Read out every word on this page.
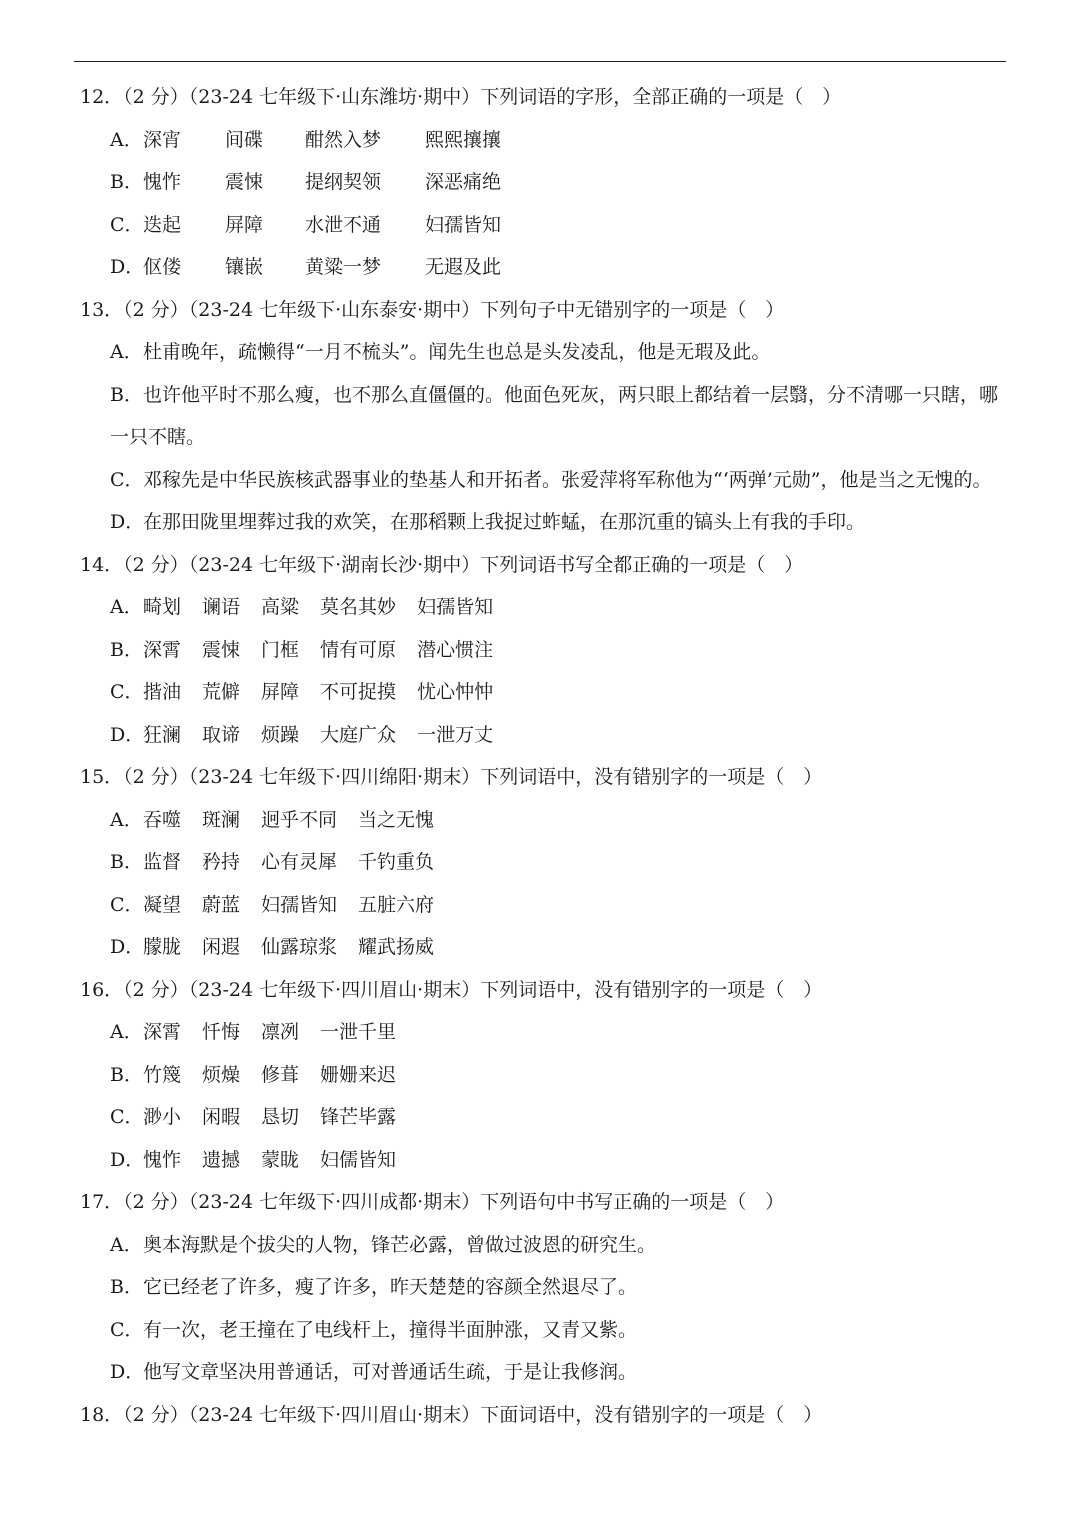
12．（2 分）（23-24 七年级下·山东潍坊·期中）下列词语的字形，全部正确的一项是（　）
A．深宵 间碟 酣然入梦 熙熙攘攘
B．愧怍 震悚 提纲契领 深恶痛绝
C．迭起 屏障 水泄不通 妇孺皆知
D．伛偻 镶嵌 黄粱一梦 无遐及此
13．（2 分）（23-24 七年级下·山东泰安·期中）下列句子中无错别字的一项是（　）
A．杜甫晚年，疏懒得“一月不梳头”。闻先生也总是头发凌乱，他是无瑕及此。
B．也许他平时不那么瘦，也不那么直僵僵的。他面色死灰，两只眼上都结着一层翳，分不清哪一只瞎，哪
一只不瞎。
C．邓稼先是中华民族核武器事业的垫基人和开拓者。张爱萍将军称他为“‘两弹’元勋”，他是当之无愧的。
D．在那田陇里埋葬过我的欢笑，在那稻颗上我捉过蚱蜢，在那沉重的镐头上有我的手印。
14．（2 分）（23-24 七年级下·湖南长沙·期中）下列词语书写全都正确的一项是（　）
A．畸划 谰语 高粱 莫名其妙 妇孺皆知
B．深霄 震悚 门框 情有可原 潜心惯注
C．揩油 荒僻 屏障 不可捉摸 忧心忡忡
D．狂澜 取谛 烦躁 大庭广众 一泄万丈
15．（2 分）（23-24 七年级下·四川绵阳·期末）下列词语中，没有错别字的一项是（　）
A．吞噬 斑澜 迥乎不同 当之无愧
B．监督 矜持 心有灵犀 千钓重负
C．凝望 蔚蓝 妇孺皆知 五脏六府
D．朦胧 闲遐 仙露琼浆 耀武扬威
16．（2 分）（23-24 七年级下·四川眉山·期末）下列词语中，没有错别字的一项是（　）
A．深霄 忏悔 凛冽 一泄千里
B．竹篾 烦燥 修葺 姗姗来迟
C．渺小 闲暇 恳切 锋芒毕露
D．愧怍 遗撼 蒙眬 妇儒皆知
17．（2 分）（23-24 七年级下·四川成都·期末）下列语句中书写正确的一项是（　）
A．奥本海默是个拔尖的人物，锋芒必露，曾做过波恩的研究生。
B．它已经老了许多，瘦了许多，昨天楚楚的容颜全然退尽了。
C．有一次，老王撞在了电线杆上，撞得半面肿涨，又青又紫。
D．他写文章坚决用普通话，可对普通话生疏，于是让我修润。
18．（2 分）（23-24 七年级下·四川眉山·期末）下面词语中，没有错别字的一项是（　）
